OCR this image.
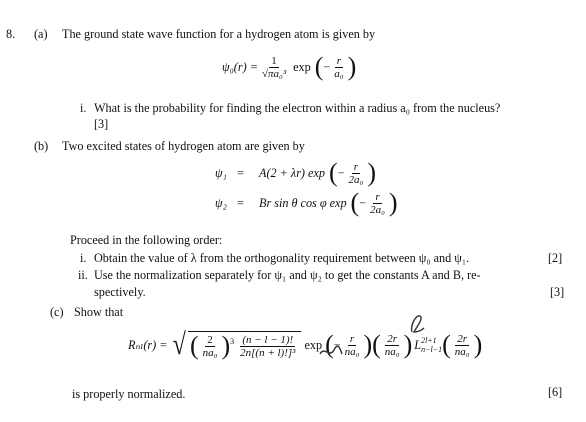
8. (a) The ground state wave function for a hydrogen atom is given by
$\psi_0(r) = \frac{1}{\text{√πa₀³}}$ exp ( − $\frac{r}{\text{a₀}}$ )
i. What is the probability for finding the electron within a radius a₀ from the nucleus?
[3]
(b) Two excited states of hydrogen atom are given by
ψ₁ =	A(2 + λr) exp ( − $\frac{r}{\text{2a₀}}$ )
ψ₂ =	Br sin θ cos φ exp ( − $\frac{r}{\text{2a₀}}$ )
Proceed in the following order:
i. Obtain the value of λ from the orthogonality requirement between ψ₀ and ψ₁.	[2]
ii. Use the normalization separately for ψ₁ and ψ₂ to get the constants A and B, re-
spectively.	[3]
(c) Show that
Rₙₗ(r) = √ ( $\frac{2}{\text{na₀}}$ ) $3 \frac{(n - l - 1)!}{\text{2n[(n + l)!]³}}$ exp ( − $\frac{r}{\text{na₀}}$ ) ( $\frac{2r}{\text{na₀}}$ ) L 2l+1
n−l−1 ( $\frac{2r}{\text{na₀}}$ )
is properly normalized.	[6]
